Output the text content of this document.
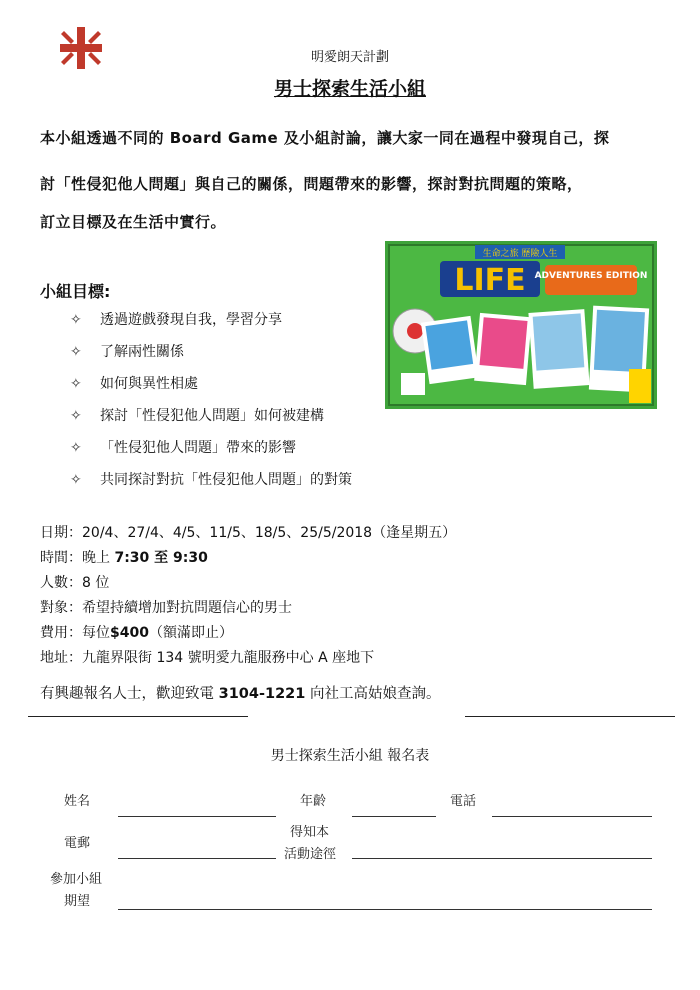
明愛朗天計劃
男士探索生活小組
本小組透過不同的 Board Game 及小組討論，讓大家一同在過程中發現自己，探
討「性侵犯他人問題」與自己的關係，問題帶來的影響，探討對抗問題的策略，
訂立目標及在生活中實行。
生命之旅 歷險人生
LIFE ADVENTURES EDITION
小組目標:
✧ 透過遊戲發現自我，學習分享
✧ 了解兩性關係
✧ 如何與異性相處
✧ 探討「性侵犯他人問題」如何被建構
✧ 「性侵犯他人問題」帶來的影響
✧ 共同探討對抗「性侵犯他人問題」的對策
日期：20/4、27/4、4/5、11/5、18/5、25/5/2018（逢星期五）
時間：晚上 7:30 至 9:30
人數：8 位
對象：希望持續增加對抗問題信心的男士
費用：每位$400（額滿即止）
地址：九龍界限街 134 號明愛九龍服務中心 A 座地下
有興趣報名人士，歡迎致電 3104-1221 向社工高姑娘查詢。
男士探索生活小組 報名表
姓名	年齡	電話
電郵
得知本
活動途徑
參加小組
期望
